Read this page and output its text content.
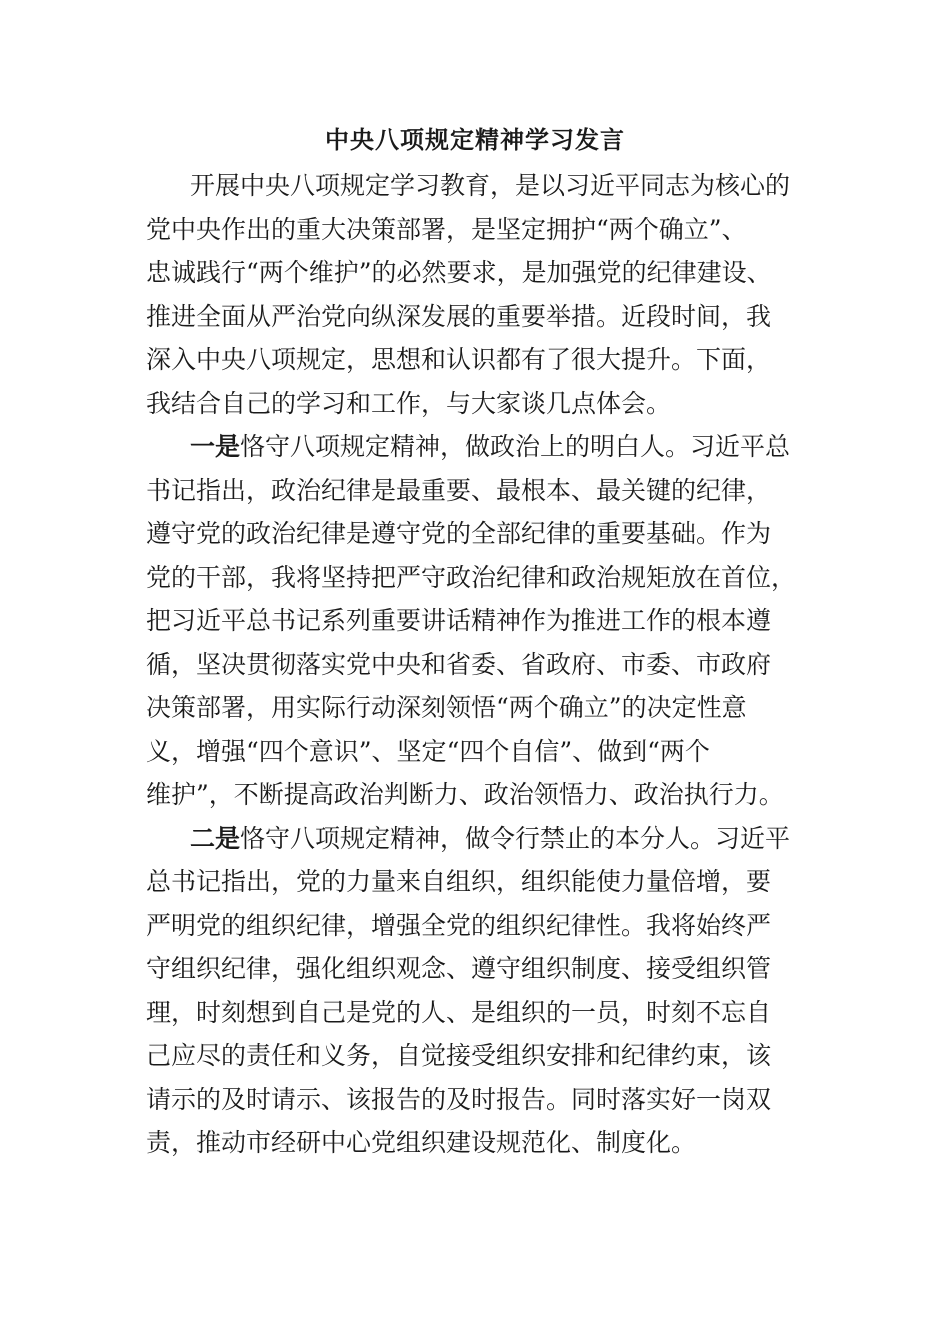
中央八项规定精神学习发言
开展中央八项规定学习教育，是以习近平同志为核心的
党中央作出的重大决策部署，是坚定拥护“两个确立”、
忠诚践行“两个维护”的必然要求，是加强党的纪律建设、
推进全面从严治党向纵深发展的重要举措。近段时间，我
深入中央八项规定，思想和认识都有了很大提升。下面，
我结合自己的学习和工作，与大家谈几点体会。
一是恪守八项规定精神，做政治上的明白人。习近平总
书记指出，政治纪律是最重要、最根本、最关键的纪律，
遵守党的政治纪律是遵守党的全部纪律的重要基础。作为
党的干部，我将坚持把严守政治纪律和政治规矩放在首位，
把习近平总书记系列重要讲话精神作为推进工作的根本遵
循，坚决贯彻落实党中央和省委、省政府、市委、市政府
决策部署，用实际行动深刻领悟“两个确立”的决定性意
义，增强“四个意识”、坚定“四个自信”、做到“两个
维护”，不断提高政治判断力、政治领悟力、政治执行力。
二是恪守八项规定精神，做令行禁止的本分人。习近平
总书记指出，党的力量来自组织，组织能使力量倍增，要
严明党的组织纪律，增强全党的组织纪律性。我将始终严
守组织纪律，强化组织观念、遵守组织制度、接受组织管
理，时刻想到自己是党的人、是组织的一员，时刻不忘自
己应尽的责任和义务，自觉接受组织安排和纪律约束，该
请示的及时请示、该报告的及时报告。同时落实好一岗双
责，推动市经研中心党组织建设规范化、制度化。
